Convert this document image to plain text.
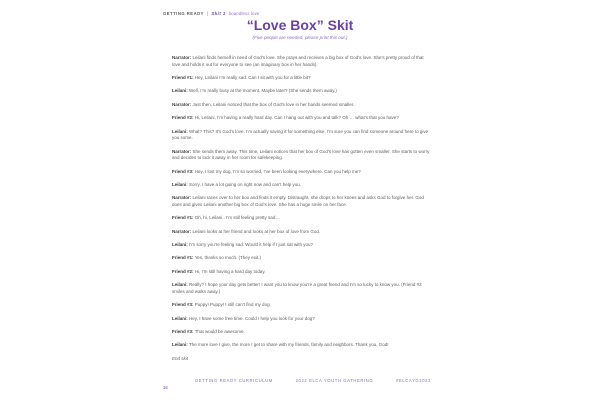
GETTING READY | Skit 1 boundless love
“Love Box” Skit

(Five people are needed, please print this out.)

Narrator: Leilani finds herself in need of God’s love. She prays and receives a big box of God’s love. She’s pretty proud of that love and holds it out for everyone to see (an imaginary box in her hands).

Friend #1: Hey, Leilani I’m really sad. Can I sit with you for a little bit?

Leilani: Well, I’m really busy at the moment, Maybe later? (She sends them away.)

Narrator: Just then, Leilani noticed that the box of God’s love in her hands seemed smaller.

Friend #2: Hi, Leilani, I’m having a really hard day. Can I hang out with you and talk? Oh … what’s that you have?

Leilani: What? This? It’s God’s love. I’m actually saving it for something else. I’m sure you can find someone around here to give you some.

Narrator: She sends them away. This time, Leilani notices that her box of God’s love has gotten even smaller. She starts to worry and decides to lock it away in her room for safekeeping.

Friend #3: Hey, I lost my dog, I’m so worried, I’ve been looking everywhere. Can you help me?

Leilani: Sorry, I have a lot going on right now and can’t help you.

Narrator: Leilani races over to her box and finds it empty. Distraught, she drops to her knees and asks God to forgive her. God does and gives Leilani another big box of God’s love. She has a huge smile on her face.

Friend #1: Oh, hi, Leilani.. I’m still feeling pretty sad…

Narrator: Leilani looks at her friend and looks at her box of love from God.

Leilani: I’m sorry you’re feeling sad. Would it help if I just sat with you?

Friend #1: Yes, thanks so much. (They exit.)

Friend #2: Hi, I’m still having a hard day today.

Leilani: Really? I hope your day gets better! I want you to know you’re a great friend and I’m so lucky to know you. (Friend #2 smiles and walks away.)

Friend #3: Puppy! Puppy! I still can’t find my dog.

Leilani: Hey, I have some free time. Could I help you look for your dog?

Friend #3: That would be awesome.

Leilani: The more love I give, the more I get to share with my friends, family and neighbors. Thank you, God!

End skit

GETTING READY CURRICULUM	2022 ELCA YOUTH GATHERING	#ELCAYG2022
16
